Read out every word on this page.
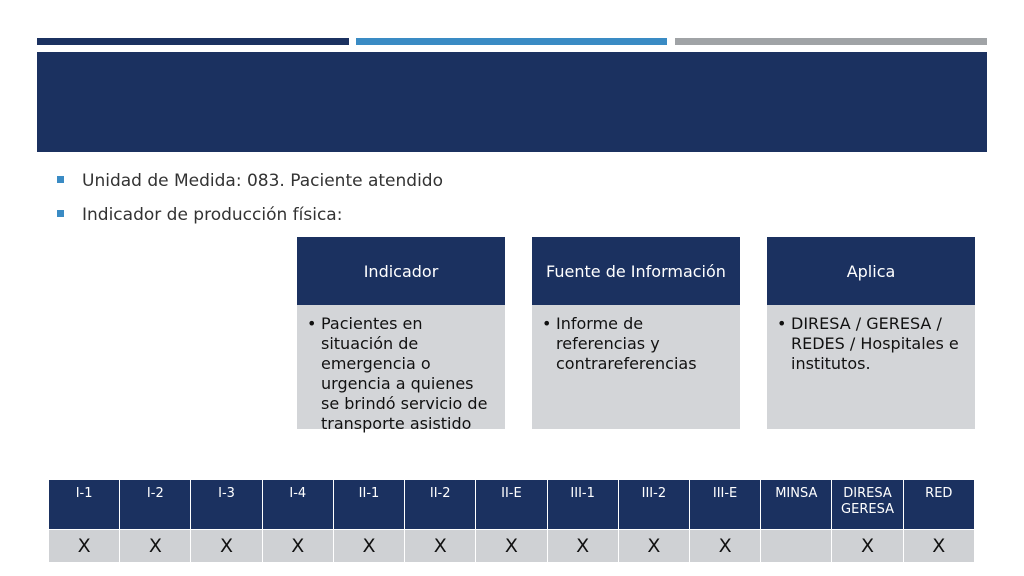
Unidad de Medida: 083. Paciente atendido
Indicador de producción física:
Indicador
• Pacientes en situación de emergencia o urgencia a quienes se brindó servicio de transporte asistido
Fuente de Información
• Informe de referencias y contrareferencias
Aplica
• DIRESA / GERESA / REDES / Hospitales e institutos.
I-1	I-2	I-3	I-4	II-1	II-2	II-E	III-1	III-2	III-E	MINSA	DIRESA GERESA	RED
X	X	X	X	X	X	X	X	X	X		X	X
